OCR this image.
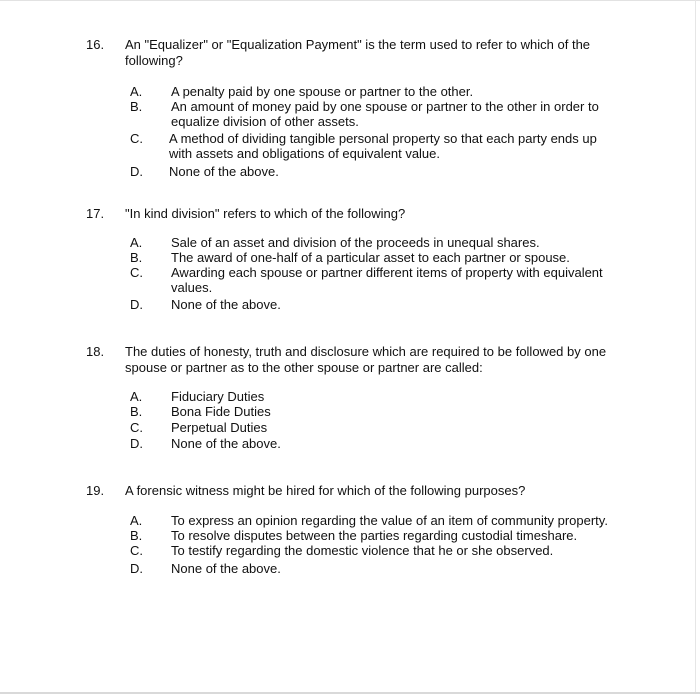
16. An "Equalizer" or "Equalization Payment" is the term used to refer to which of the following?
A. A penalty paid by one spouse or partner to the other.
B. An amount of money paid by one spouse or partner to the other in order to equalize division of other assets.
C. A method of dividing tangible personal property so that each party ends up with assets and obligations of equivalent value.
D. None of the above.
17. "In kind division" refers to which of the following?
A. Sale of an asset and division of the proceeds in unequal shares.
B. The award of one-half of a particular asset to each partner or spouse.
C. Awarding each spouse or partner different items of property with equivalent values.
D. None of the above.
18. The duties of honesty, truth and disclosure which are required to be followed by one spouse or partner as to the other spouse or partner are called:
A. Fiduciary Duties
B. Bona Fide Duties
C. Perpetual Duties
D. None of the above.
19. A forensic witness might be hired for which of the following purposes?
A. To express an opinion regarding the value of an item of community property.
B. To resolve disputes between the parties regarding custodial timeshare.
C. To testify regarding the domestic violence that he or she observed.
D. None of the above.
